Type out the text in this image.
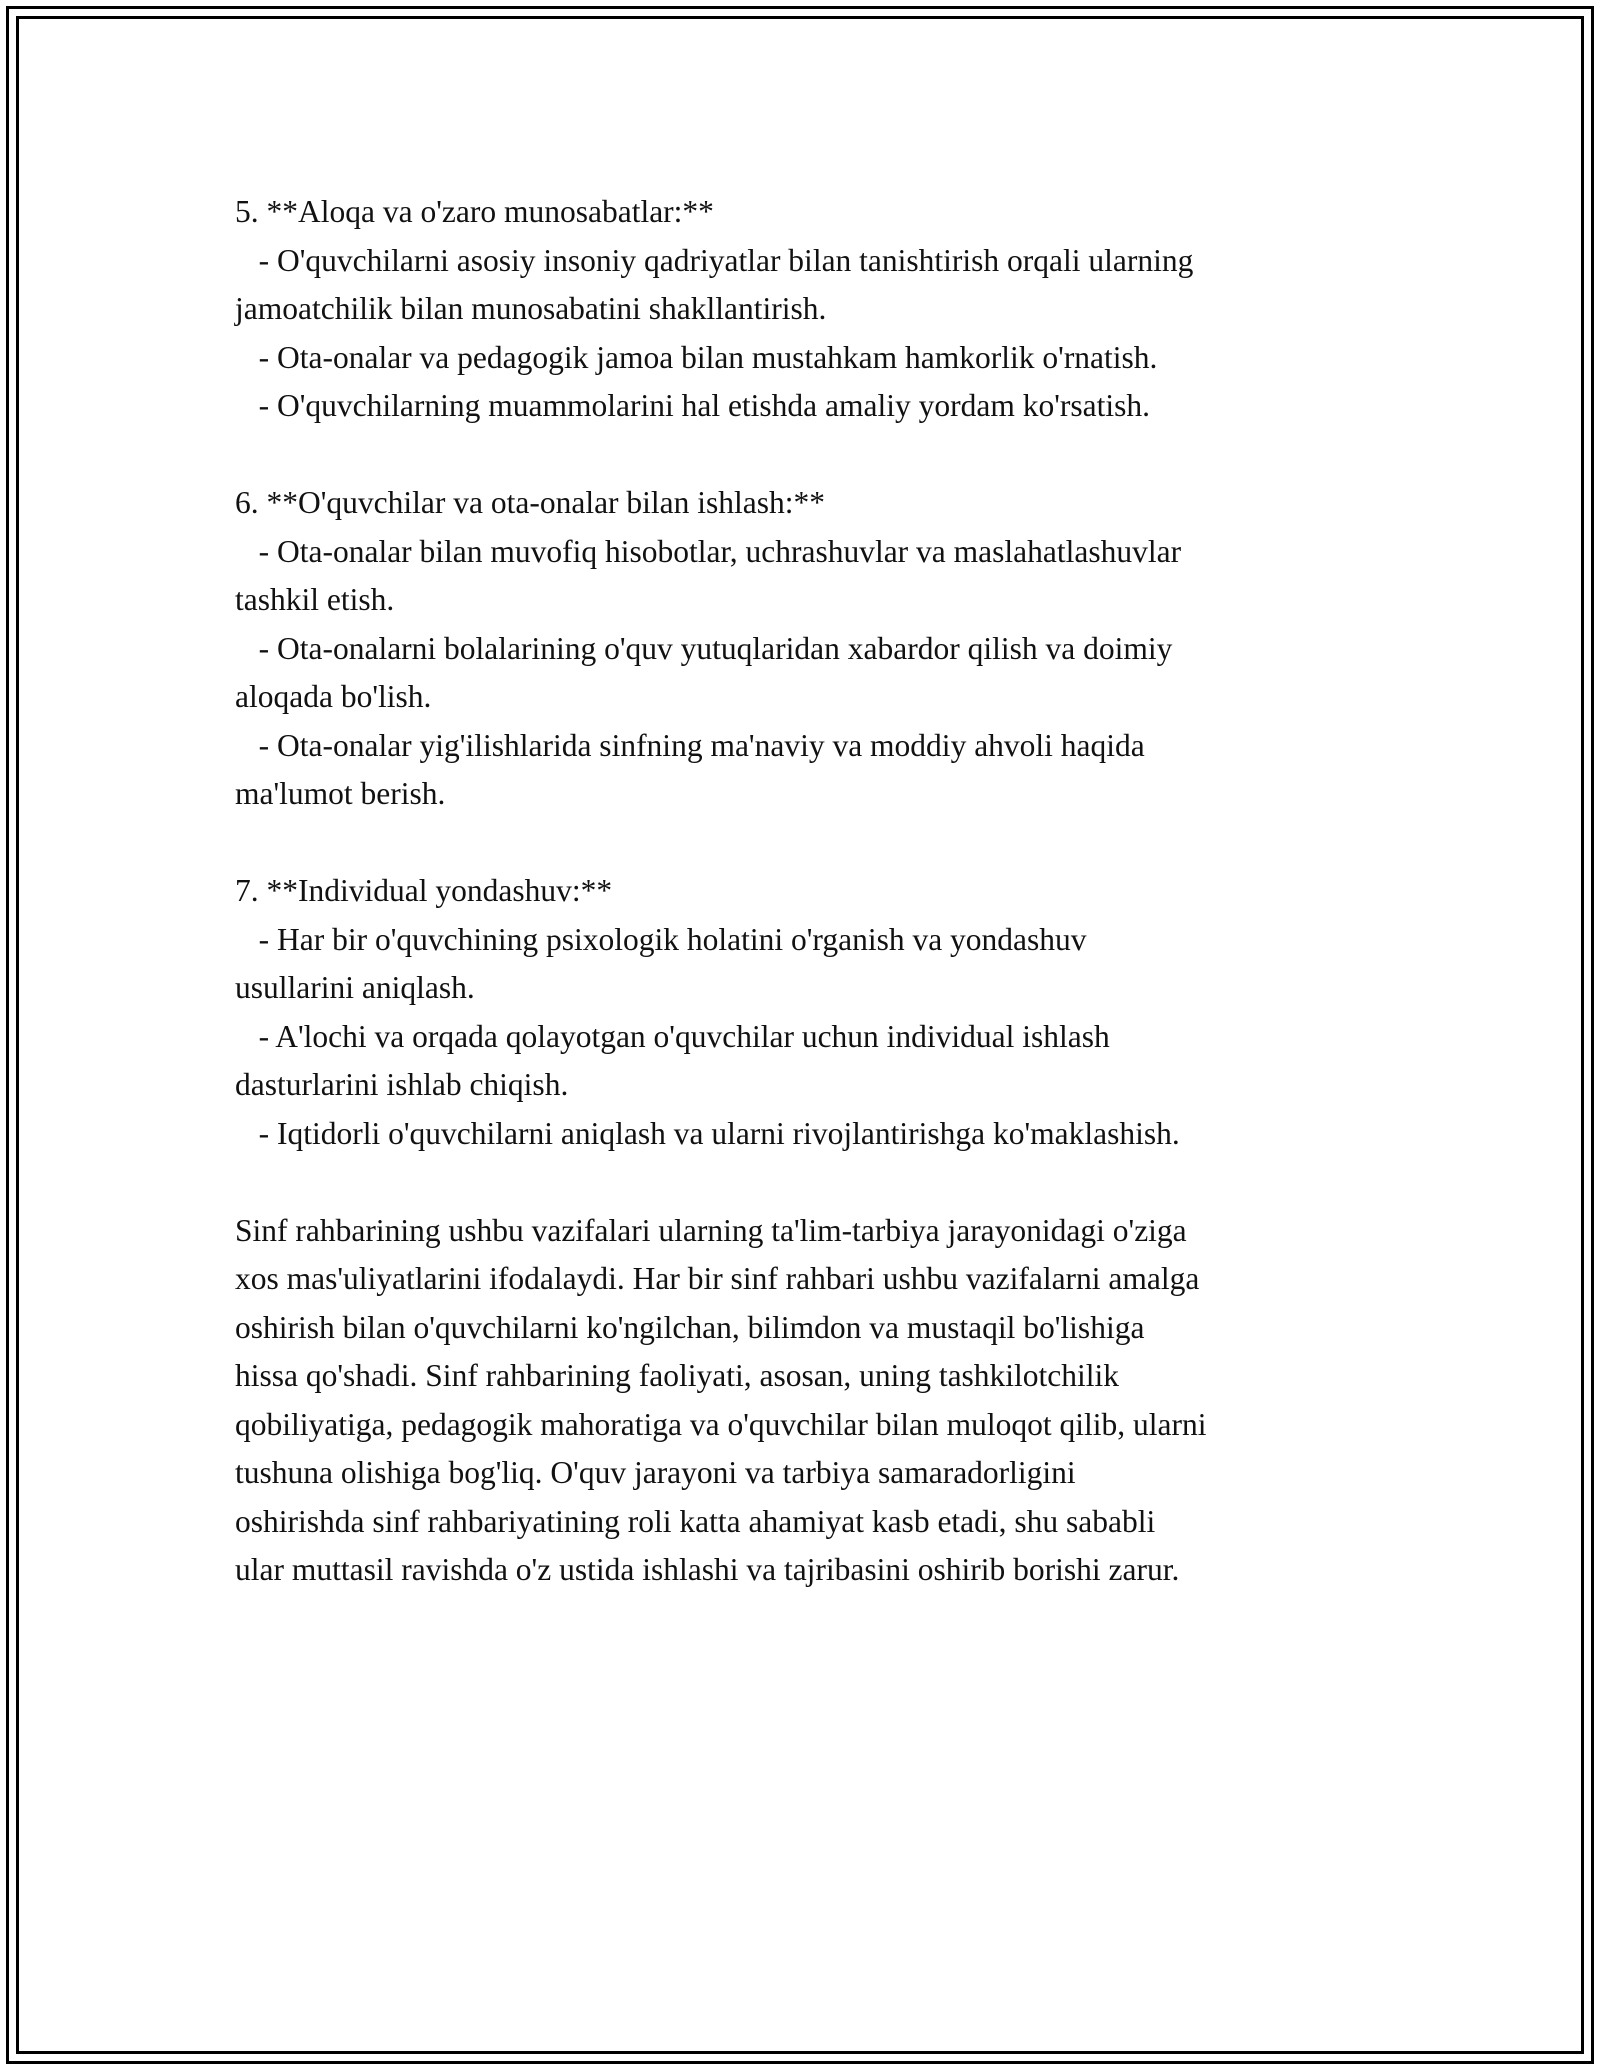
5. **Aloqa va o'zaro munosabatlar:**
- O'quvchilarni asosiy insoniy qadriyatlar bilan tanishtirish orqali ularning
jamoatchilik bilan munosabatini shakllantirish.
- Ota-onalar va pedagogik jamoa bilan mustahkam hamkorlik o'rnatish.
- O'quvchilarning muammolarini hal etishda amaliy yordam ko'rsatish.
6. **O'quvchilar va ota-onalar bilan ishlash:**
- Ota-onalar bilan muvofiq hisobotlar, uchrashuvlar va maslahatlashuvlar
tashkil etish.
- Ota-onalarni bolalarining o'quv yutuqlaridan xabardor qilish va doimiy
aloqada bo'lish.
- Ota-onalar yig'ilishlarida sinfning ma'naviy va moddiy ahvoli haqida
ma'lumot berish.
7. **Individual yondashuv:**
- Har bir o'quvchining psixologik holatini o'rganish va yondashuv
usullarini aniqlash.
- A'lochi va orqada qolayotgan o'quvchilar uchun individual ishlash
dasturlarini ishlab chiqish.
- Iqtidorli o'quvchilarni aniqlash va ularni rivojlantirishga ko'maklashish.
Sinf rahbarining ushbu vazifalari ularning ta'lim-tarbiya jarayonidagi o'ziga
xos mas'uliyatlarini ifodalaydi. Har bir sinf rahbari ushbu vazifalarni amalga
oshirish bilan o'quvchilarni ko'ngilchan, bilimdon va mustaqil bo'lishiga
hissa qo'shadi. Sinf rahbarining faoliyati, asosan, uning tashkilotchilik
qobiliyatiga, pedagogik mahoratiga va o'quvchilar bilan muloqot qilib, ularni
tushuna olishiga bog'liq. O'quv jarayoni va tarbiya samaradorligini
oshirishda sinf rahbariyatining roli katta ahamiyat kasb etadi, shu sababli
ular muttasil ravishda o'z ustida ishlashi va tajribasini oshirib borishi zarur.
